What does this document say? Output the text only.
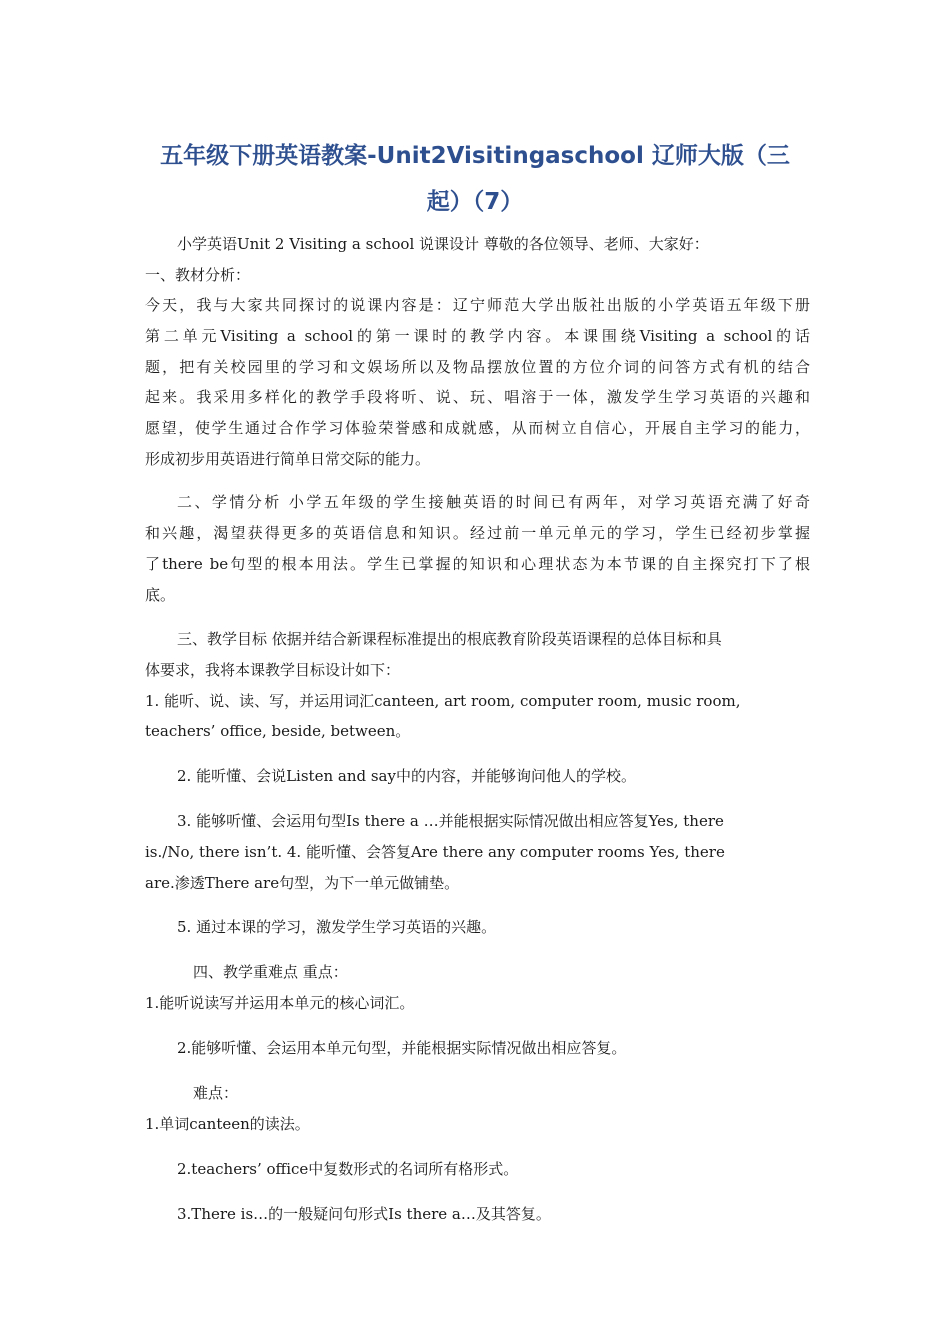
五年级下册英语教案-Unit2Visitingaschool 辽师大版（三
起）（7）
小学英语Unit 2 Visiting a school 说课设计 尊敬的各位领导、老师、大家好：
一、教材分析：
今天，我与大家共同探讨的说课内容是：辽宁师范大学出版社出版的小学英语五年级下册
第二单元Visiting a school的第一课时的教学内容。本课围绕Visiting a school的话
题，把有关校园里的学习和文娱场所以及物品摆放位置的方位介词的问答方式有机的结合
起来。我采用多样化的教学手段将听、说、玩、唱溶于一体，激发学生学习英语的兴趣和
愿望，使学生通过合作学习体验荣誉感和成就感，从而树立自信心，开展自主学习的能力，
形成初步用英语进行简单日常交际的能力。
二、学情分析 小学五年级的学生接触英语的时间已有两年，对学习英语充满了好奇
和兴趣，渴望获得更多的英语信息和知识。经过前一单元单元的学习，学生已经初步掌握
了there be句型的根本用法。学生已掌握的知识和心理状态为本节课的自主探究打下了根
底。
三、教学目标 依据并结合新课程标准提出的根底教育阶段英语课程的总体目标和具
体要求，我将本课教学目标设计如下：
1. 能听、说、读、写，并运用词汇canteen, art room, computer room, music room,
teachers’ office, beside, between。
2. 能听懂、会说Listen and say中的内容，并能够询问他人的学校。
3. 能够听懂、会运用句型Is there a …并能根据实际情况做出相应答复Yes, there
is./No, there isn’t. 4. 能听懂、会答复Are there any computer rooms Yes, there
are.渗透There are句型，为下一单元做铺垫。
5. 通过本课的学习，激发学生学习英语的兴趣。
四、教学重难点 重点：
1.能听说读写并运用本单元的核心词汇。
2.能够听懂、会运用本单元句型，并能根据实际情况做出相应答复。
难点：
1.单词canteen的读法。
2.teachers’ office中复数形式的名词所有格形式。
3.There is…的一般疑问句形式Is there a…及其答复。
